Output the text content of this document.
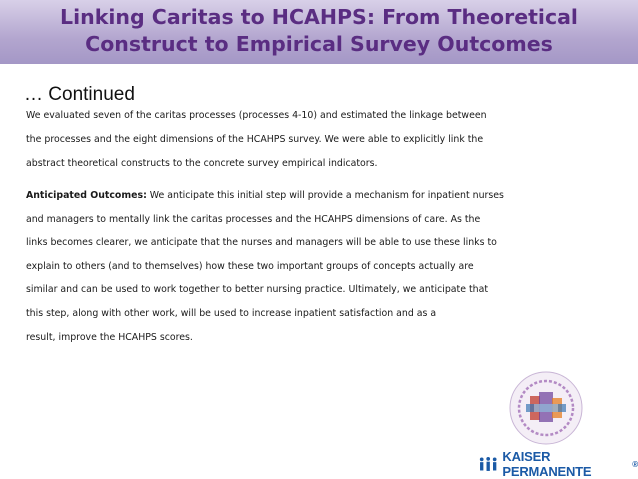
Linking Caritas to HCAHPS: From Theoretical
Construct to Empirical Survey Outcomes
… Continued
We evaluated seven of the caritas processes (processes 4-10) and estimated the linkage between
the processes and the eight dimensions of the HCAHPS survey. We were able to explicitly link the
abstract theoretical constructs to the concrete survey empirical indicators.
Anticipated Outcomes: We anticipate this initial step will provide a mechanism for inpatient nurses
and managers to mentally link the caritas processes and the HCAHPS dimensions of care. As the
links becomes clearer, we anticipate that the nurses and managers will be able to use these links to
explain to others (and to themselves) how these two important groups of concepts actually are
similar and can be used to work together to better nursing practice. Ultimately, we anticipate that
this step, along with other work, will be used to increase inpatient satisfaction and as a
result, improve the HCAHPS scores.
KAISER PERMANENTE	®
